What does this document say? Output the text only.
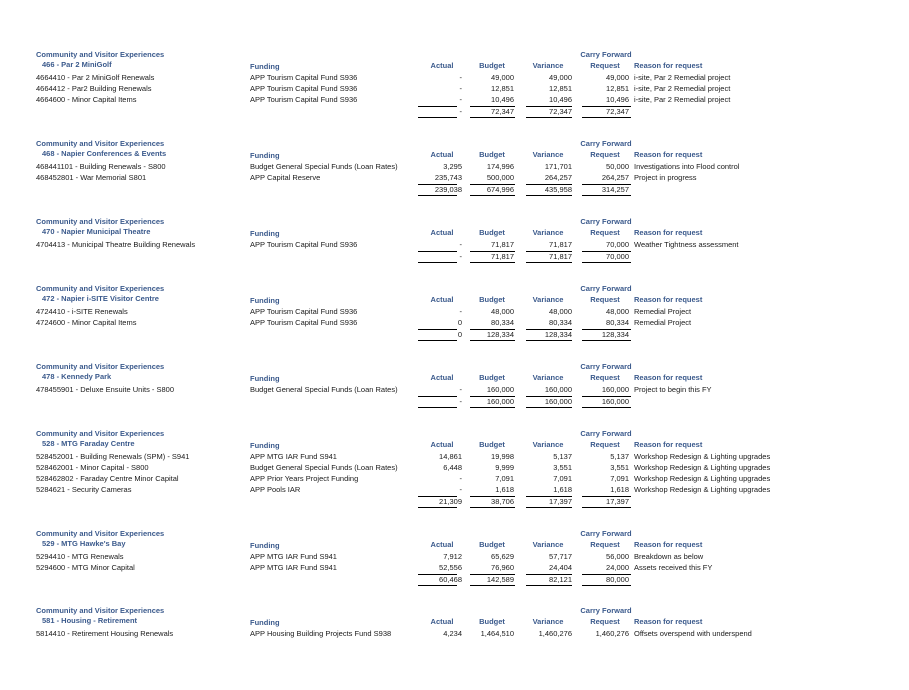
Community and Visitor Experiences	Carry Forward
466 - Par 2 MiniGolf	Funding	Actual	Budget	Variance	Request Reason for request
4664410 - Par 2 MiniGolf Renewals	APP Tourism Capital Fund S936	-	49,000	49,000	49,000 i-site, Par 2 Remedial project
4664412 - Par2 Building Renewals	APP Tourism Capital Fund S936	-	12,851	12,851	12,851 i-site, Par 2 Remedial project
4664600 - Minor Capital Items	APP Tourism Capital Fund S936	-	10,496	10,496	10,496 i-site, Par 2 Remedial project
-	72,347	72,347	72,347
Community and Visitor Experiences	Carry Forward
468 - Napier Conferences & Events	Funding	Actual	Budget	Variance	Request Reason for request
468441101 - Building Renewals - S800	Budget General Special Funds (Loan Rates)	3,295	174,996	171,701	50,000 Investigations into Flood control
468452801 - War Memorial S801	APP Capital Reserve	235,743	500,000	264,257	264,257 Project in progress
239,038	674,996	435,958	314,257
Community and Visitor Experiences	Carry Forward
470 - Napier Municipal Theatre	Funding	Actual	Budget	Variance	Request Reason for request
4704413 - Municipal Theatre Building Renewals	APP Tourism Capital Fund S936	-	71,817	71,817	70,000 Weather Tightness assessment
-	71,817	71,817	70,000
Community and Visitor Experiences	Carry Forward
472 - Napier i-SITE Visitor Centre	Funding	Actual	Budget	Variance	Request Reason for request
4724410 - i-SITE Renewals	APP Tourism Capital Fund S936	-	48,000	48,000	48,000 Remedial Project
4724600 - Minor Capital Items	APP Tourism Capital Fund S936	0	80,334	80,334	80,334 Remedial Project
0	128,334	128,334	128,334
Community and Visitor Experiences	Carry Forward
478 - Kennedy Park	Funding	Actual	Budget	Variance	Request Reason for request
478455901 - Deluxe Ensuite Units - S800	Budget General Special Funds (Loan Rates)	-	160,000	160,000	160,000 Project to begin this FY
-	160,000	160,000	160,000
Community and Visitor Experiences	Carry Forward
528 - MTG Faraday Centre	Funding	Actual	Budget	Variance	Request Reason for request
528452001 - Building Renewals (SPM) - S941	APP MTG IAR Fund S941	14,861	19,998	5,137	5,137 Workshop Redesign & Lighting upgrades
528462001 - Minor Capital - S800	Budget General Special Funds (Loan Rates)	6,448	9,999	3,551	3,551 Workshop Redesign & Lighting upgrades
528462802 - Faraday Centre Minor Capital	APP Prior Years Project Funding	-	7,091	7,091	7,091 Workshop Redesign & Lighting upgrades
5284621 - Security Cameras	APP Pools IAR	-	1,618	1,618	1,618 Workshop Redesign & Lighting upgrades
21,309	38,706	17,397	17,397
Community and Visitor Experiences	Carry Forward
529 - MTG Hawke's Bay	Funding	Actual	Budget	Variance	Request Reason for request
5294410 - MTG Renewals	APP MTG IAR Fund S941	7,912	65,629	57,717	56,000 Breakdown as below
5294600 - MTG Minor Capital	APP MTG IAR Fund S941	52,556	76,960	24,404	24,000 Assets received this FY
60,468	142,589	82,121	80,000
Community and Visitor Experiences	Carry Forward
581 - Housing - Retirement	Funding	Actual	Budget	Variance	Request Reason for request
5814410 - Retirement Housing Renewals	APP Housing Building Projects Fund S938	4,234	1,464,510	1,460,276	1,460,276 Offsets overspend with underspend
